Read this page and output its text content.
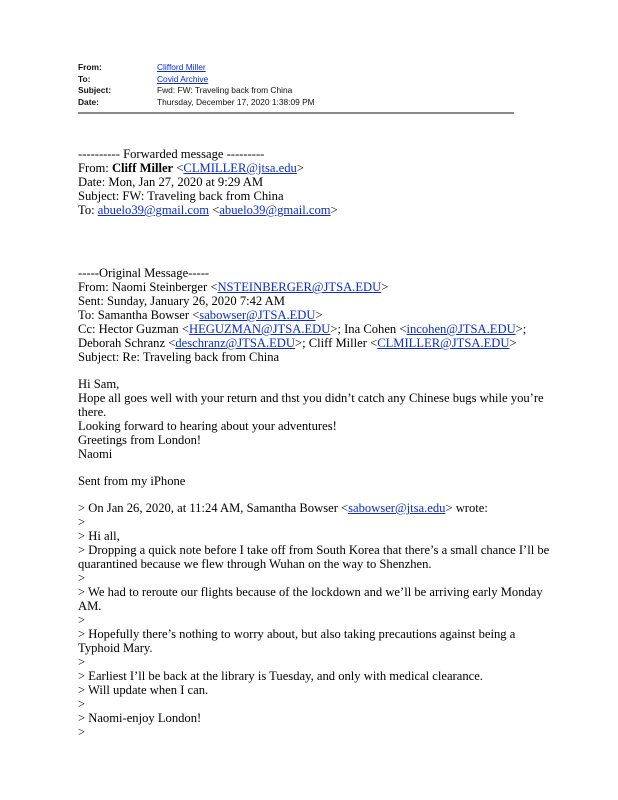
From:	Clifford Miller
To:	Covid Archive
Subject:	Fwd: FW: Traveling back from China
Date:	Thursday, December 17, 2020 1:38:09 PM
---------- Forwarded message ---------
From: Cliff Miller <CLMILLER@jtsa.edu>
Date: Mon, Jan 27, 2020 at 9:29 AM
Subject: FW: Traveling back from China
To: abuelo39@gmail.com <abuelo39@gmail.com>
-----Original Message-----
From: Naomi Steinberger <NSTEINBERGER@JTSA.EDU>
Sent: Sunday, January 26, 2020 7:42 AM
To: Samantha Bowser <sabowser@JTSA.EDU>
Cc: Hector Guzman <HEGUZMAN@JTSA.EDU>; Ina Cohen <incohen@JTSA.EDU>;
Deborah Schranz <deschranz@JTSA.EDU>; Cliff Miller <CLMILLER@JTSA.EDU>
Subject: Re: Traveling back from China
Hi Sam,
Hope all goes well with your return and thst you didn’t catch any Chinese bugs while you’re
there.
Looking forward to hearing about your adventures!
Greetings from London!
Naomi
Sent from my iPhone
> On Jan 26, 2020, at 11:24 AM, Samantha Bowser <sabowser@jtsa.edu> wrote:
>
> Hi all,
> Dropping a quick note before I take off from South Korea that there’s a small chance I’ll be
quarantined because we flew through Wuhan on the way to Shenzhen.
>
> We had to reroute our flights because of the lockdown and we’ll be arriving early Monday
AM.
>
> Hopefully there’s nothing to worry about, but also taking precautions against being a
Typhoid Mary.
>
> Earliest I’ll be back at the library is Tuesday, and only with medical clearance.
> Will update when I can.
>
> Naomi-enjoy London!
>
